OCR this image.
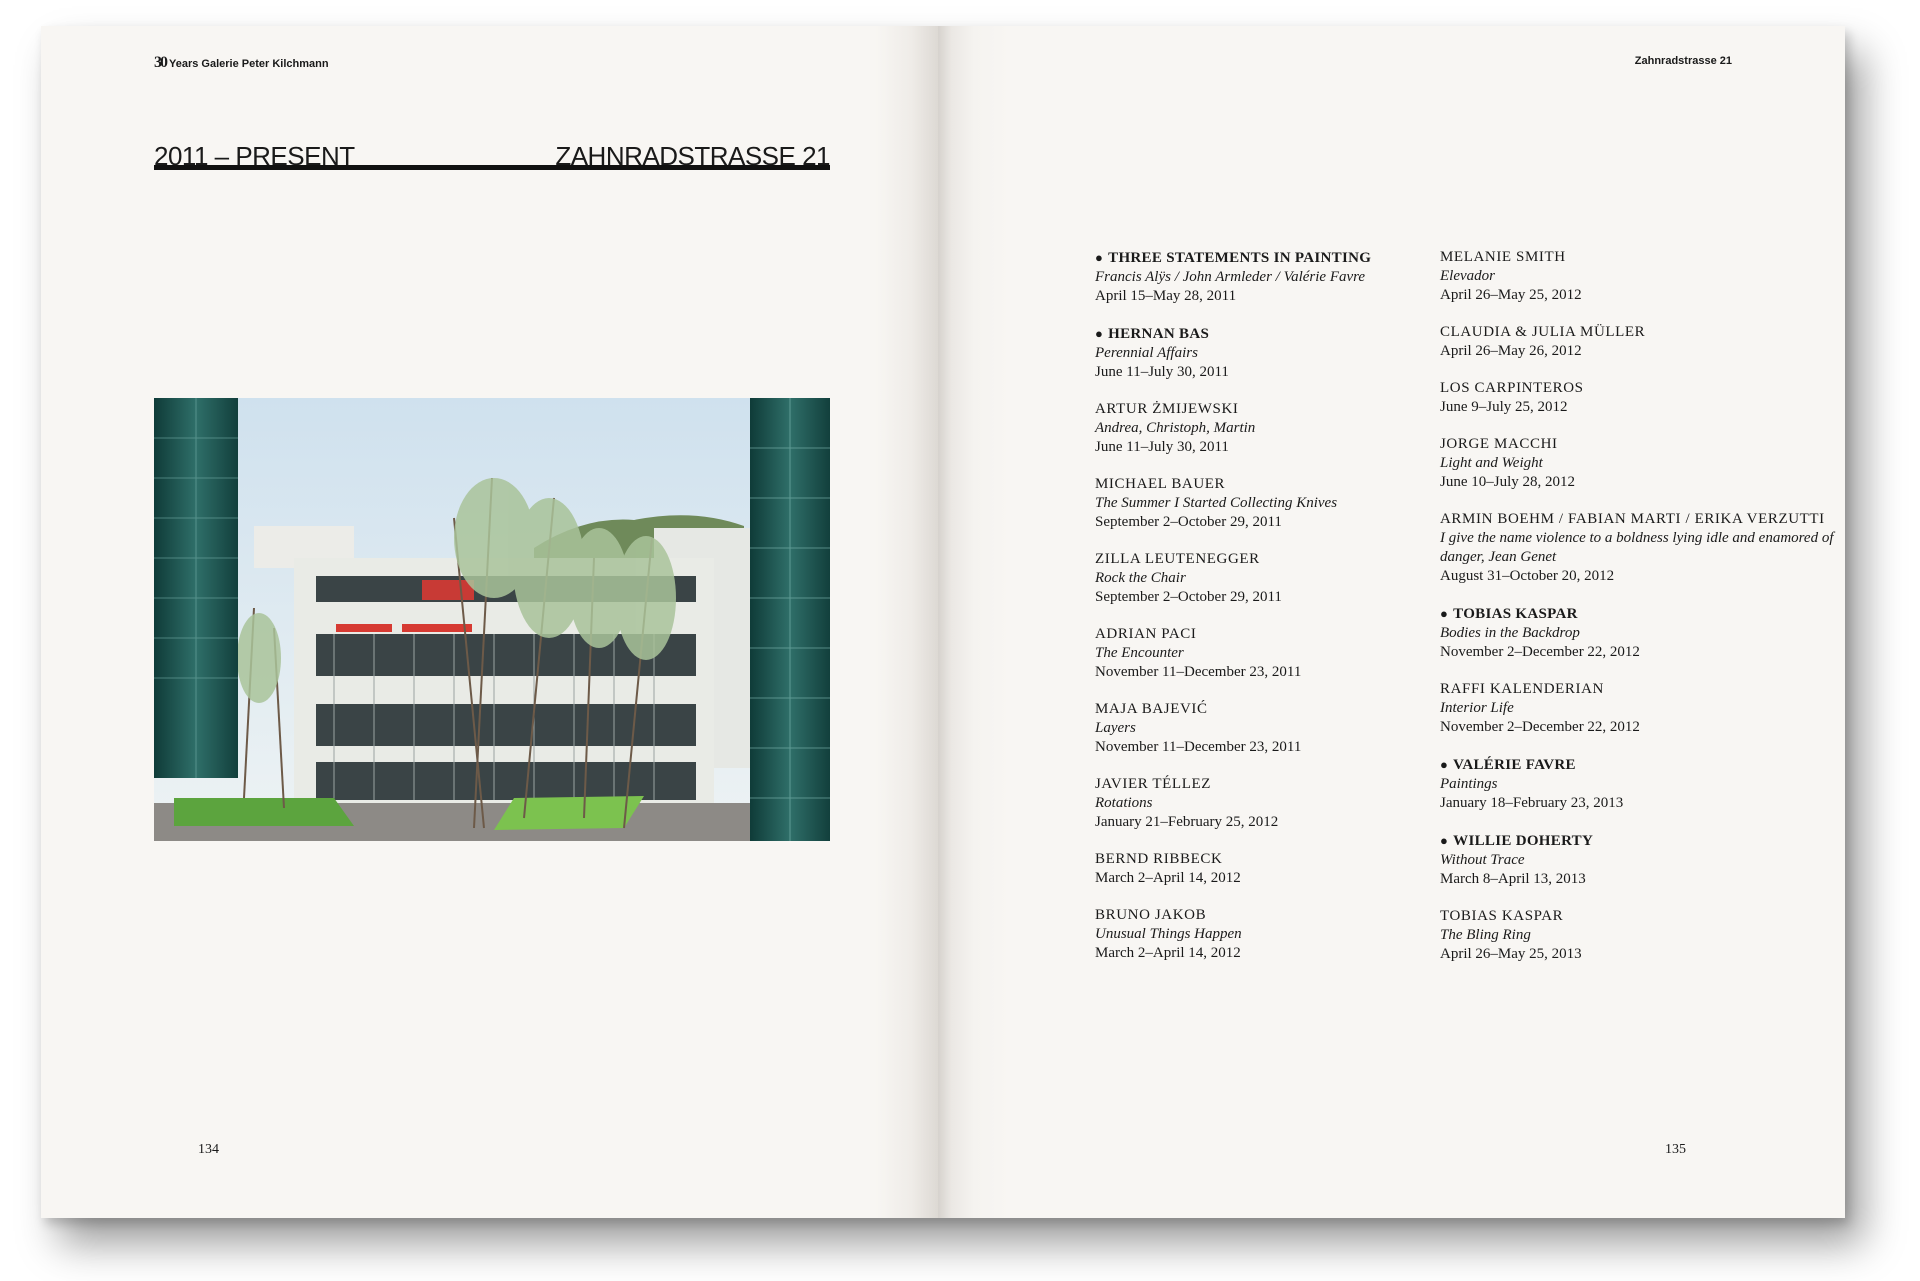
30 Years Galerie Peter Kilchmann
2011 – PRESENT	ZAHNRADSTRASSE 21
134
Zahnradstrasse 21
● THREE STATEMENTS IN PAINTING
Francis Alÿs / John Armleder / Valérie Favre
April 15–May 28, 2011
● HERNAN BAS
Perennial Affairs
June 11–July 30, 2011
ARTUR ŻMIJEWSKI
Andrea, Christoph, Martin
June 11–July 30, 2011
MICHAEL BAUER
The Summer I Started Collecting Knives
September 2–October 29, 2011
ZILLA LEUTENEGGER
Rock the Chair
September 2–October 29, 2011
ADRIAN PACI
The Encounter
November 11–December 23, 2011
MAJA BAJEVIĆ
Layers
November 11–December 23, 2011
JAVIER TÉLLEZ
Rotations
January 21–February 25, 2012
BERND RIBBECK
March 2–April 14, 2012
BRUNO JAKOB
Unusual Things Happen
March 2–April 14, 2012
MELANIE SMITH
Elevador
April 26–May 25, 2012
CLAUDIA & JULIA MÜLLER
April 26–May 26, 2012
LOS CARPINTEROS
June 9–July 25, 2012
JORGE MACCHI
Light and Weight
June 10–July 28, 2012
ARMIN BOEHM / FABIAN MARTI / ERIKA VERZUTTI
I give the name violence to a boldness lying idle and enamored of danger, Jean Genet
August 31–October 20, 2012
● TOBIAS KASPAR
Bodies in the Backdrop
November 2–December 22, 2012
RAFFI KALENDERIAN
Interior Life
November 2–December 22, 2012
● VALÉRIE FAVRE
Paintings
January 18–February 23, 2013
● WILLIE DOHERTY
Without Trace
March 8–April 13, 2013
TOBIAS KASPAR
The Bling Ring
April 26–May 25, 2013
135
